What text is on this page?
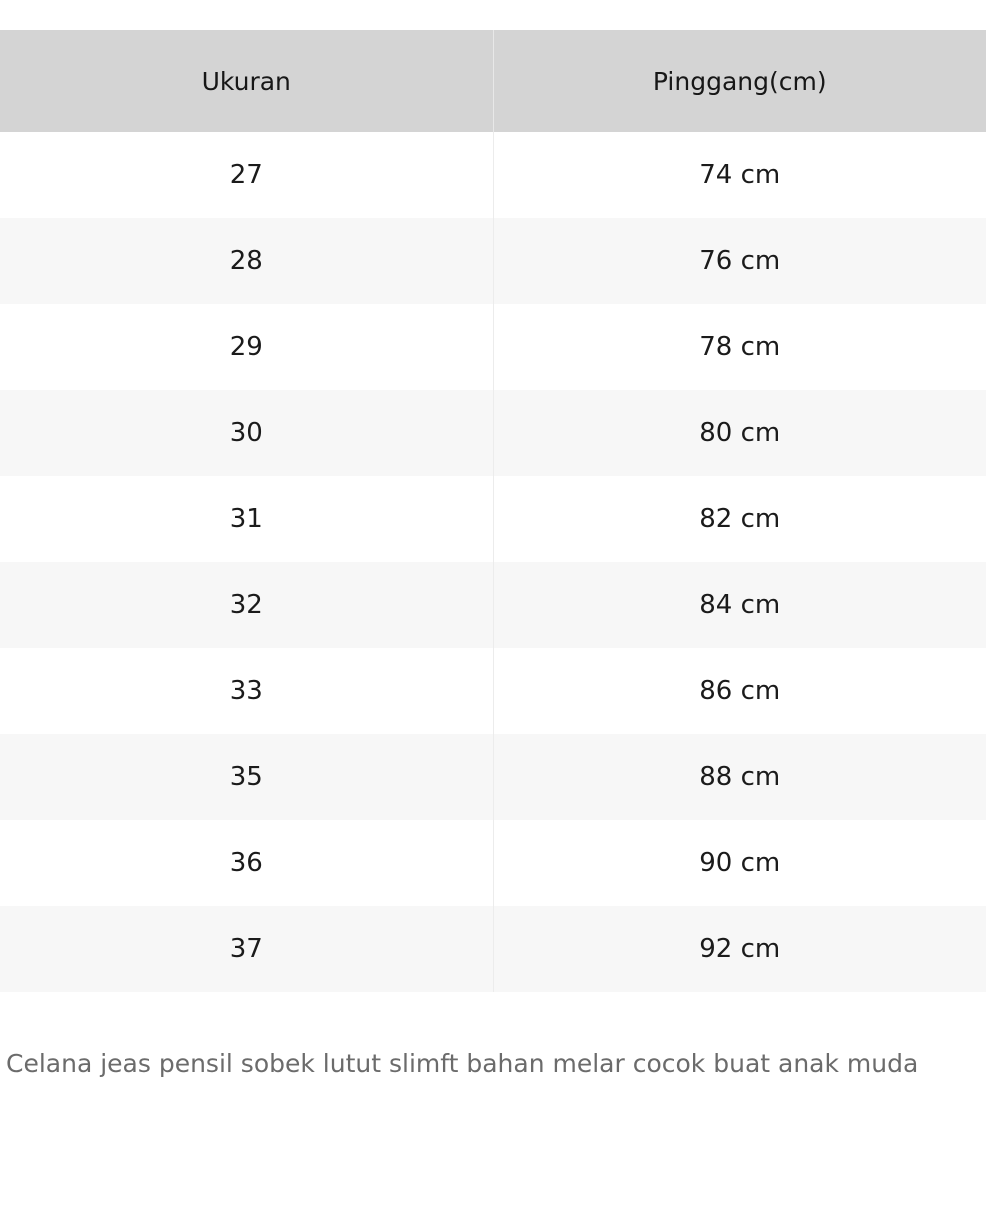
Ukuran	Pinggang(cm)
27	74 cm
28	76 cm
29	78 cm
30	80 cm
31	82 cm
32	84 cm
33	86 cm
35	88 cm
36	90 cm
37	92 cm

Celana jeas pensil sobek lutut slimft bahan melar cocok buat anak muda
